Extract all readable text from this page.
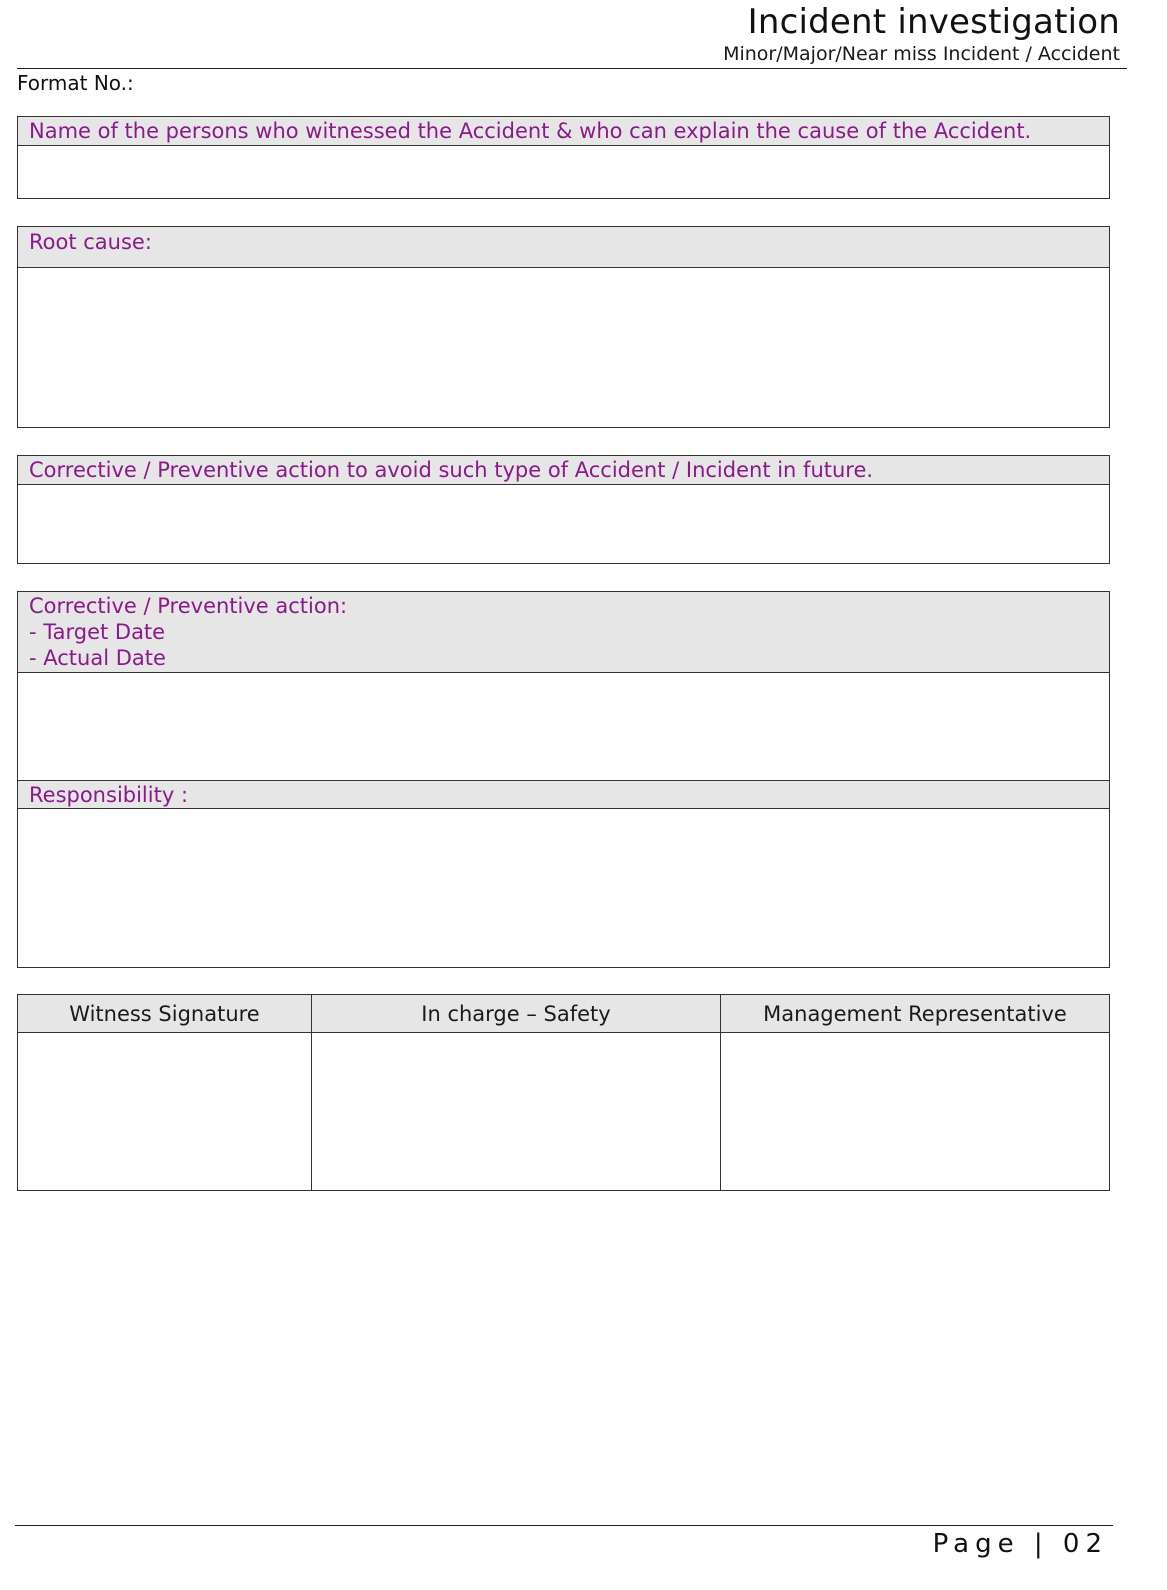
Incident investigation
Minor/Major/Near miss Incident / Accident
Format No.:
Name of the persons who witnessed the Accident & who can explain the cause of the Accident.
Root cause:
Corrective / Preventive action to avoid such type of Accident / Incident in future.
Corrective / Preventive action:
- Target Date
- Actual Date
Responsibility :
Witness Signature	In charge – Safety	Management Representative
Page | 02
